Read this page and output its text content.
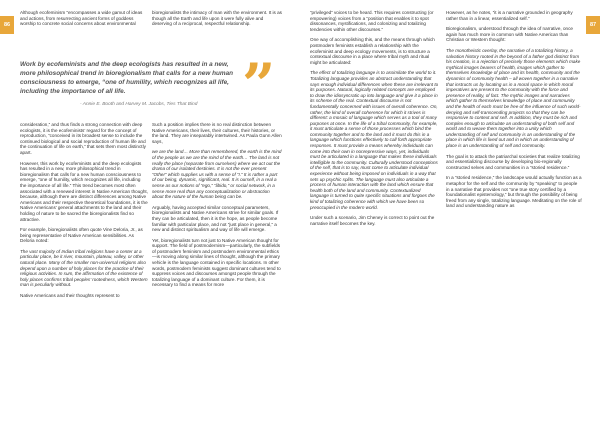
86

Although ecofeminism “encompasses a wide gamut of ideas and actions, from resurrecting ancient forms of goddess worship to concrete social concerns about environmental

bioregionalists the intimacy of man with the environment. It is as though all the Earth and life upon it were fully alive and deserving of a reciprocal, respectful relationship.

Work by ecofeminists and the deep ecologists has resulted in a new, more philosophical trend in bioregionalism that calls for a new human consciousness to emerge, “one of humility, which recognizes all life, including the importance of all life.
- Annie E. Booth and Harvey M. Jacobs, Ties That Bind ”

consideration,” and thus finds a strong connection with deep ecologists, it is the ecofeminists’ regard for the concept of reproduction, “conceived in its broadest sense to include the continued biological and social reproduction of human life and the continuation of life on earth,” that sets them most distinctly apart.

However, this work by ecofeminists and the deep ecologists has resulted in a new, more philosophical trend in bioregionalism that calls for a new human consciousness to emerge, “one of humility, which recognizes all life, including the importance of all life.” This trend becomes most often associated with a renewed interest in Native American thought, because, although there are distinct differences among Native Americans and their respective theoretical foundations, it is the Native Americans’ general attachments to the land and their holding of nature to be sacred the bioregionalists find so attractive.

For example, bioregionalists often quote Vine Deloria, Jr., as being representative of Native American sensibilities. As Deloria noted:

The vast majority of Indian tribal religions have a center at a particular place, be it river, mountain, plateau, valley, or other natural place. Many of the smaller non-universal religions also depend upon a number of holy places for the practice of their religious activities. In sum, the affirmation of the existence of holy places confirms tribal peoples’ rootedness, which Western man is peculiarly without.

Native Americans and their thoughts represent to

Such a position implies there is no real distinction between Native Americans, their lives, their cultures, their histories, or the land. They are inseparably intertwined. As Paula Gunn Allen says,

we are the land… More than remembered, the earth is the mind of the people as we are the mind of the earth… The land is not really the place (separate from ourselves) where we act out the drama of our isolated destinies. It is not the ever present “Other” which supplies us with a sense of “I.” It is rather a part of our being, dynamic, significant, real. It is ourself, in a real a sense as our notions of “ego,” “libido,” or social network, in a sense more real than any conceptualization or abstraction about the nature of the human being can be.

Arguably, having accepted similar conceptual parameters, bioregionalists and Native Americans strive for similar goals. If they can be articulated, then it is the hope, as people become familiar with particular place, and not “just place in general,” a new and distinct spiritualism and way of life will emerge.

Yet, bioregionalists turn not just to Native American thought for support. The field of postmodernism—particularly, the subfields of postmodern feminism and postmodern environmental ethics—is moving along similar lines of thought, although the primary vehicle is the language contained in specific locations. In other words, postmodern feminists suggest dominant cultures tend to suppress voices and discourses amongst people through the totalizing language of a dominant culture. For them, it is necessary to find a means for more

87

“privileged” voices to be heard. This requires constructing (or empowering) voices from a “position that enables it to spot dissonances, mystifications, and colonizing and totalizing tendencies within other discourses.”

One way of accomplishing this, and the means through which postmodern feminists establish a relationship with the ecofeminist and deep ecology movements, is to structure a contextual discourse in a place where tribal myth and ritual might be articulated:

The effect of totalizing language is to assimilate the world to it. Totalizing language provides an abstract understanding that says enough individual differences when these are irrelevant to its purposes. Natural, logically related concepts are employed to draw the idiosyncratic up into language and give it a place in its scheme of the real. Contextual discourse is not fundamentally concerned with issues of overall coherence. On, rather, the kind of overall coherence for which it strives is different: a mosaic of language which serves as a tool of many purposes at once. In the life of a tribal community, for example, it must articulate a sense of those processes which bind the community together and to the land and it must do this in a language which functions effectively to call forth appropriate responses. It must provide a means whereby individuals can come into their own in nonrepressive ways, yet, individuals must be articulated in a language that makes these individuals intelligible to the community. Culturally understood conceptions of the self, that is to say, must come to articulate individual experience without being imposed on individuals in a way that sets up psychic splits. The language must also articulate a process of human interaction with the land which ensure that health both of the land and community. Contextualized language is turned to quite specific situations and forgoes the kind of totalizing coherence with which we have been so preoccupied in the modern world.

Under such a scenario, Jim Cheney is correct to point out the narrative itself becomes the key.

However, as he notes, “it is a narrative grounded in geography rather than in a linear, essentialized self.”

Bioregionalism, understood through the idea of narrative, once again has much more in common with Native American than Christian or Western thought:

The monotheistic overlay, the narrative of a totalizing history, a salvation history rooted in the beyond of a father god distinct from his creation, is a rejection of precisely those elements which make mythical images bearers of health, images which gather to themselves knowledge of place and its health, community and the dynamics of community health – all woven together in a narrative that instructs us by locating us in a moral space in which moral imperatives are present to the community with the force and presence of reality, of fact. The mythic images and narratives which gather to themselves knowledge of place and community and the health of each must be free of the influence of such world-denying and self-transcending projects so that they can be responsive to context and self. In addition, they must be rich and complex enough to articulate an understanding of both self and world and to weave them together into a unity which understanding of self and community is an understanding of the place in which life is lived out and in which an understanding of place is an understanding of self and community.

The goal is to attack the patriarchal societies that realize totalizing and essentializing discourse by developing bio-regionally constructed selves and communities in a “storied residence.”

In a “storied residence,” the landscape would actually function as a metaphor for the self and the community by “speaking” to people in a narrative that provides not “one true story certified by a foundationalist epistemology,” but through the possibility of being freed from any single, totalizing language. Meditating on the role of land and understanding nature as
